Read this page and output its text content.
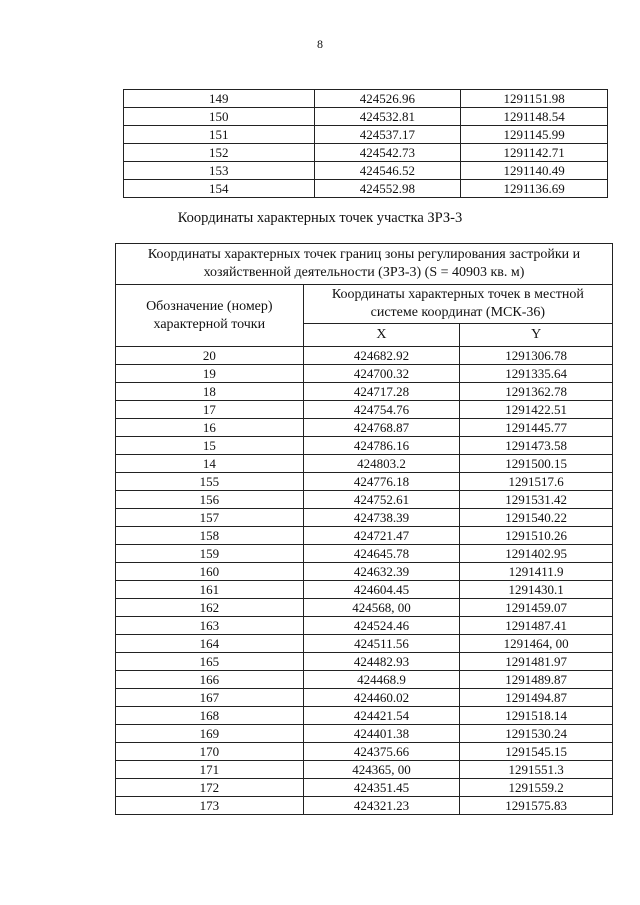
8
149	424526.96	1291151.98
150	424532.81	1291148.54
151	424537.17	1291145.99
152	424542.73	1291142.71
153	424546.52	1291140.49
154	424552.98	1291136.69
Координаты характерных точек участка ЗРЗ-3
Координаты характерных точек границ зоны регулирования застройки и хозяйственной деятельности (ЗРЗ-3) (S = 40903 кв. м)		
Обозначение (номер) характерной точки	Координаты характерных точек в местной системе координат (МСК-36)	
	X	Y
20	424682.92	1291306.78
19	424700.32	1291335.64
18	424717.28	1291362.78
17	424754.76	1291422.51
16	424768.87	1291445.77
15	424786.16	1291473.58
14	424803.2	1291500.15
155	424776.18	1291517.6
156	424752.61	1291531.42
157	424738.39	1291540.22
158	424721.47	1291510.26
159	424645.78	1291402.95
160	424632.39	1291411.9
161	424604.45	1291430.1
162	424568, 00	1291459.07
163	424524.46	1291487.41
164	424511.56	1291464, 00
165	424482.93	1291481.97
166	424468.9	1291489.87
167	424460.02	1291494.87
168	424421.54	1291518.14
169	424401.38	1291530.24
170	424375.66	1291545.15
171	424365, 00	1291551.3
172	424351.45	1291559.2
173	424321.23	1291575.83
